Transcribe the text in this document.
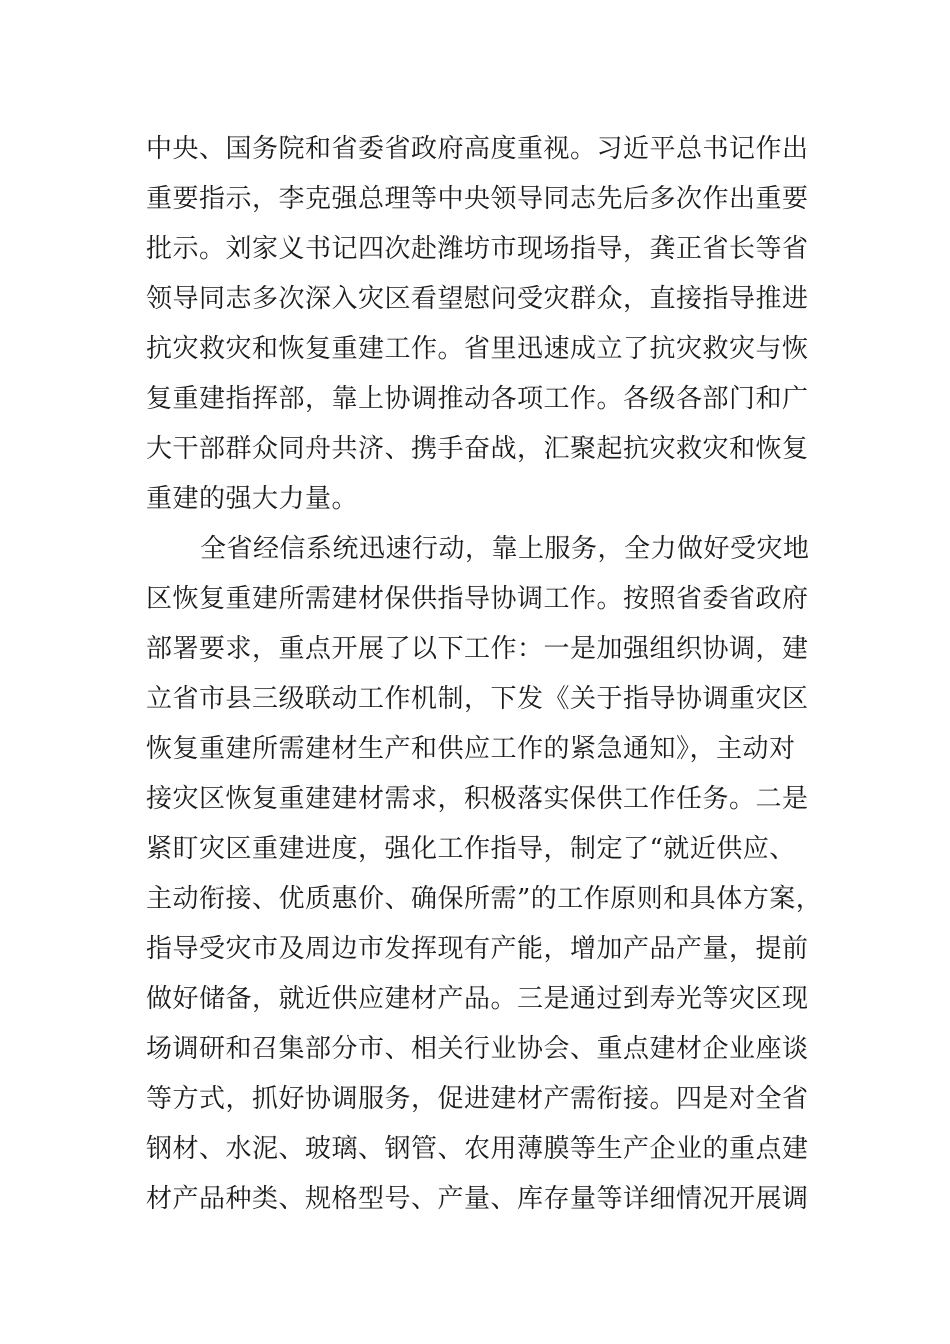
中央、国务院和省委省政府高度重视。习近平总书记作出
重要指示，李克强总理等中央领导同志先后多次作出重要
批示。刘家义书记四次赴潍坊市现场指导，龚正省长等省
领导同志多次深入灾区看望慰问受灾群众，直接指导推进
抗灾救灾和恢复重建工作。省里迅速成立了抗灾救灾与恢
复重建指挥部，靠上协调推动各项工作。各级各部门和广
大干部群众同舟共济、携手奋战，汇聚起抗灾救灾和恢复
重建的强大力量。
全省经信系统迅速行动，靠上服务，全力做好受灾地
区恢复重建所需建材保供指导协调工作。按照省委省政府
部署要求，重点开展了以下工作：一是加强组织协调，建
立省市县三级联动工作机制，下发《关于指导协调重灾区
恢复重建所需建材生产和供应工作的紧急通知》，主动对
接灾区恢复重建建材需求，积极落实保供工作任务。二是
紧盯灾区重建进度，强化工作指导，制定了“就近供应、
主动衔接、优质惠价、确保所需”的工作原则和具体方案，
指导受灾市及周边市发挥现有产能，增加产品产量，提前
做好储备，就近供应建材产品。三是通过到寿光等灾区现
场调研和召集部分市、相关行业协会、重点建材企业座谈
等方式，抓好协调服务，促进建材产需衔接。四是对全省
钢材、水泥、玻璃、钢管、农用薄膜等生产企业的重点建
材产品种类、规格型号、产量、库存量等详细情况开展调
